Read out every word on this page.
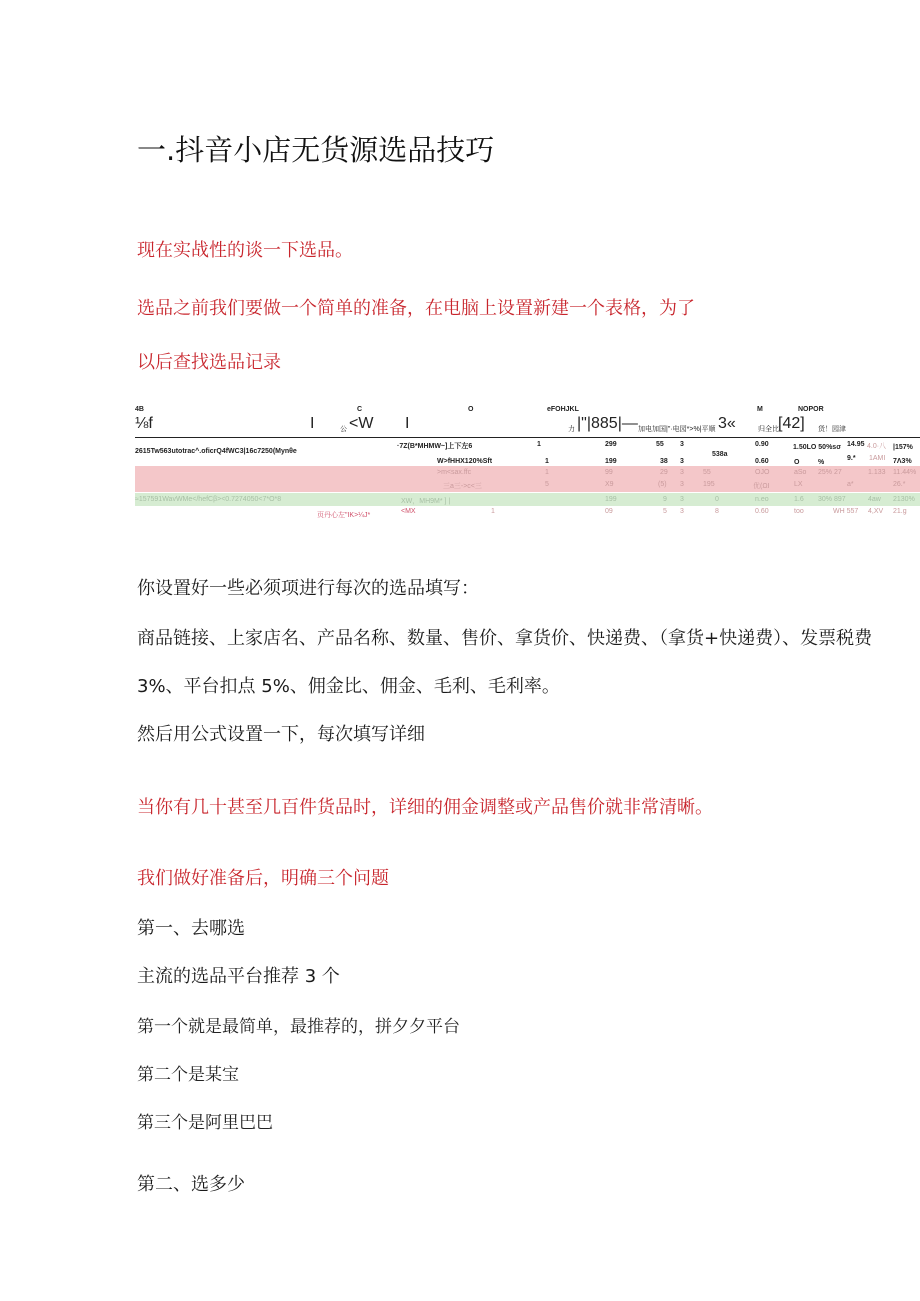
一.抖音小店无货源选品技巧
现在实战性的谈一下选品。
选品之前我们要做一个简单的准备，在电脑上设置新建一个表格，为了
以后查找选品记录
4B	C	O	eFOHJKL	M	NOPOR
⅛f	I	公 <W I	力 |"|885|— 加电加国|"·电园*>%|平顺 3«	归全比 [42] 货！园津
2615Tw563utotrac^.oficrQ4fWC3|16c7250(Mynθe
·7Z(B*MHMW~]上下左6	1	299	55 3	0.90	1.50LO 50%sσ 14.95 4.0·八 |157%
W>fHHX120%Sft	1	199	38 3
538a
0.60	O	%
9.* 1AMI 7Λ3%
>m<sax.ffc	1	99	29 3	55	OJO	aSo 25% 27	1.133 11.44%
三a三->c<三	5	X9	(5) 3	195	优(ΩI	LX	a*	26.*
≈157591WavWMe</hefCβ><0.7274050<7*O*8	XW，MH9M* ] |	199	9 3	0	n.eo	1.6 30% 897	4aw 2130%
页丹心左"IK>¼J*
<MX	1	09	5 3	8	0.60	too	WH 557 4,XV 21.g
你设置好一些必须项进行每次的选品填写：
商品链接、上家店名、产品名称、数量、售价、拿货价、快递费、（拿货+快递费）、发票税费
3%、平台扣点 5%、佣金比、佣金、毛利、毛利率。
然后用公式设置一下，每次填写详细
当你有几十甚至几百件货品时，详细的佣金调整或产品售价就非常清晰。
我们做好准备后，明确三个问题
第一、去哪选
主流的选品平台推荐 3 个
第一个就是最简单，最推荐的，拼夕夕平台
第二个是某宝
第三个是阿里巴巴
第二、选多少
